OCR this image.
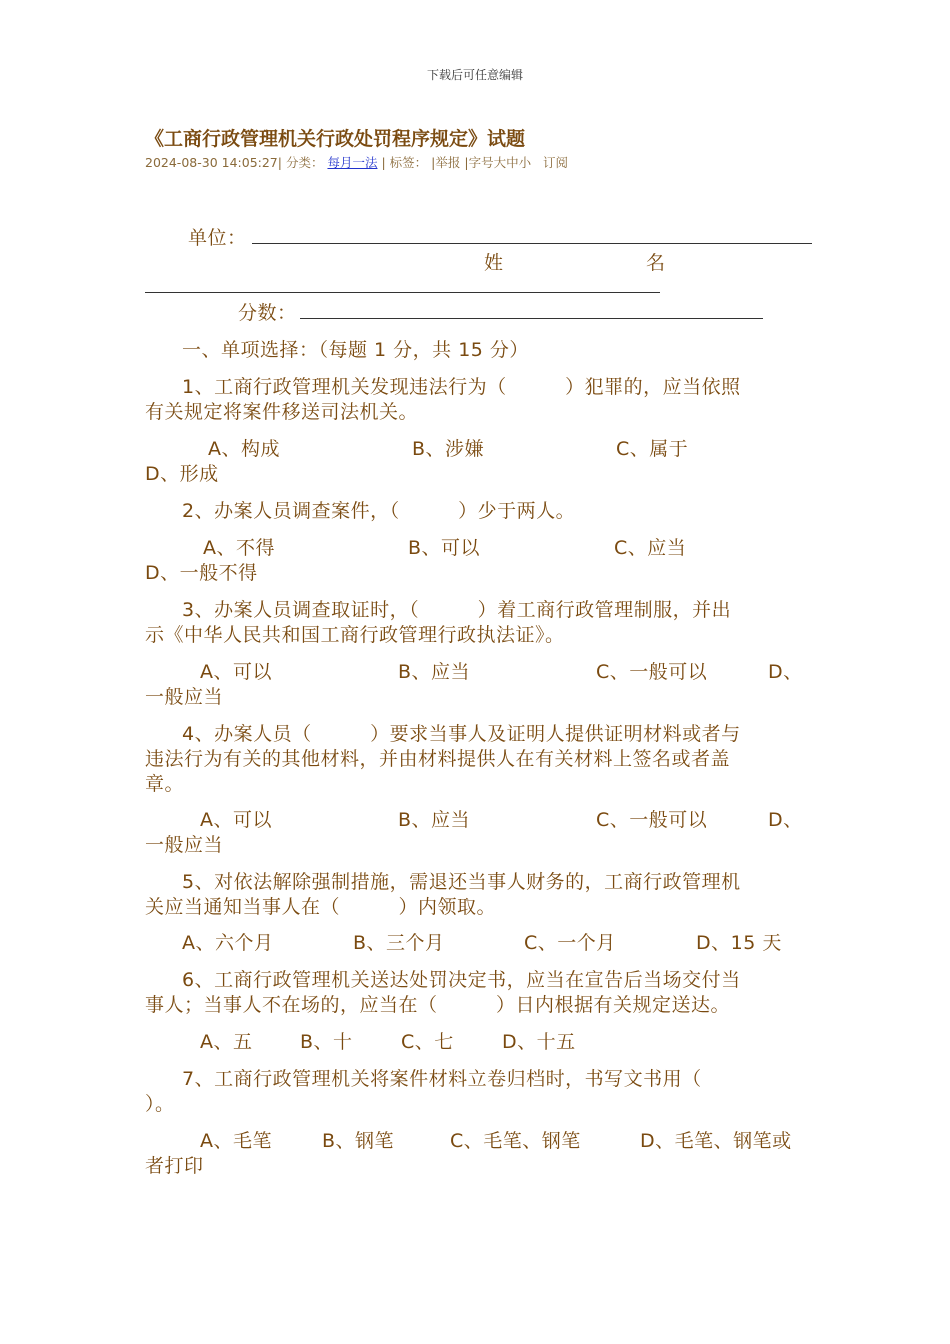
下载后可任意编辑
《工商行政管理机关行政处罚程序规定》试题
2024-08-30 14:05:27| 分类： 每月一法 | 标签： |举报 |字号大中小 订阅
单位：
姓	名
分数：
一、单项选择：（每题 1 分，共 15 分）
1、工商行政管理机关发现违法行为（　　　）犯罪的，应当依照
有关规定将案件移送司法机关。
A、构成	B、涉嫌	C、属于
D、形成
2、办案人员调查案件，（　　　）少于两人。
A、不得	B、可以	C、应当
D、一般不得
3、办案人员调查取证时，（　　　）着工商行政管理制服，并出
示《中华人民共和国工商行政管理行政执法证》。
A、可以	B、应当	C、一般可以	D、
一般应当
4、办案人员（　　　）要求当事人及证明人提供证明材料或者与
违法行为有关的其他材料，并由材料提供人在有关材料上签名或者盖
章。
A、可以	B、应当	C、一般可以	D、
一般应当
5、对依法解除强制措施，需退还当事人财务的，工商行政管理机
关应当通知当事人在（　　　）内领取。
A、六个月	B、三个月	C、一个月	D、15 天
6、工商行政管理机关送达处罚决定书，应当在宣告后当场交付当
事人；当事人不在场的，应当在（　　　）日内根据有关规定送达。
A、五	B、十	C、七	D、十五
7、工商行政管理机关将案件材料立卷归档时，书写文书用（
）。
A、毛笔	B、钢笔	C、毛笔、钢笔	D、毛笔、钢笔或
者打印
